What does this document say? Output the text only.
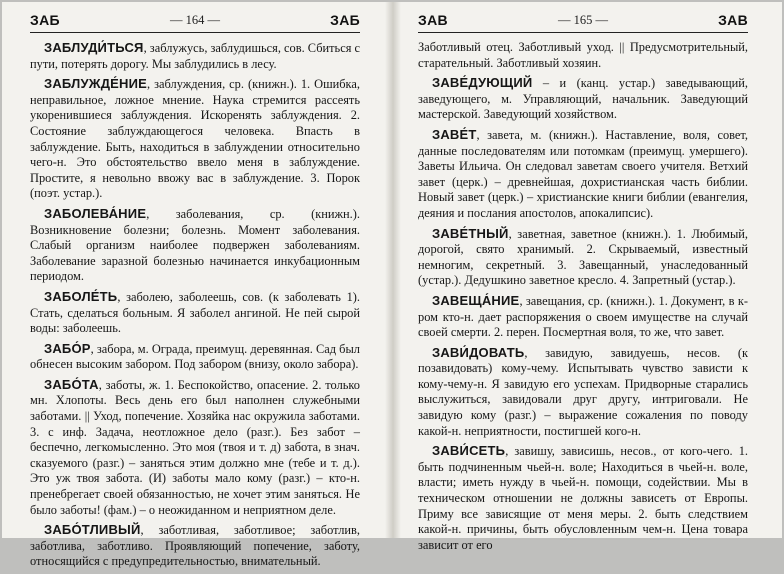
ЗАБ	— 164 —	ЗАБ

ЗАБЛУДИ́ТЬСЯ, заблужусь, заблудишься, сов. Сбиться с пути, потерять дорогу. Мы заблудились в лесу.

ЗАБЛУЖДЕ́НИЕ, заблуждения, ср. (книжн.). 1. Ошибка, неправильное, ложное мнение. Наука стремится рассеять укоренившиеся заблуждения. Искоренять заблуждения. 2. Состояние заблуждающегося человека. Впасть в заблуждение. Быть, находиться в заблуждении относительно чего-н. Это обстоятельство ввело меня в заблуждение. Простите, я невольно ввожу вас в заблуждение. 3. Порок (поэт. устар.).

ЗАБОЛЕВА́НИЕ, заболевания, ср. (книжн.). Возникновение болезни; болезнь. Момент заболевания. Слабый организм наиболее подвержен заболеваниям. Заболевание заразной болезнью начинается инкубационным периодом.

ЗАБОЛЕ́ТЬ, заболею, заболеешь, сов. (к заболевать 1). Стать, сделаться больным. Я заболел ангиной. Не пей сырой воды: заболеешь.

ЗАБО́Р, забора, м. Ограда, преимущ. деревянная. Сад был обнесен высоким забором. Под забором (внизу, около забора).

ЗАБО́ТА, заботы, ж. 1. Беспокойство, опасение. 2. только мн. Хлопоты. Весь день его был наполнен служебными заботами. || Уход, попечение. Хозяйка нас окружила заботами. 3. с инф. Задача, неотложное дело (разг.). Без забот – беспечно, легкомысленно. Это моя (твоя и т. д) забота, в знач. сказуемого (разг.) – заняться этим должно мне (тебе и т. д.). Это уж твоя забота. (И) заботы мало кому (разг.) – кто-н. пренебрегает своей обязанностью, не хочет этим заняться. Не было заботы! (фам.) – о неожиданном и неприятном деле.

ЗАБО́ТЛИВЫЙ, заботливая, заботливое; заботлив, заботлива, заботливо. Проявляющий попечение, заботу, относящийся с предупредительностью, внимательный.

ЗАВ	— 165 —	ЗАВ

Заботливый отец. Заботливый уход. || Предусмотрительный, старательный. Заботливый хозяин.

ЗАВЕ́ДУЮЩИЙ – и (канц. устар.) заведывающий, заведующего, м. Управляющий, начальник. Заведующий мастерской. Заведующий хозяйством.

ЗАВЕ́Т, завета, м. (книжн.). Наставление, воля, совет, данные последователям или потомкам (преимущ. умершего). Заветы Ильича. Он следовал заветам своего учителя. Ветхий завет (церк.) – древнейшая, дохристианская часть библии. Новый завет (церк.) – христианские книги библии (евангелия, деяния и послания апостолов, апокалипсис).

ЗАВЕ́ТНЫЙ, заветная, заветное (книжн.). 1. Любимый, дорогой, свято хранимый. 2. Скрываемый, известный немногим, секретный. 3. Завещанный, унаследованный (устар.). Дедушкино заветное кресло. 4. Запретный (устар.).

ЗАВЕЩА́НИЕ, завещания, ср. (книжн.). 1. Документ, в к-ром кто-н. дает распоряжения о своем имуществе на случай своей смерти. 2. перен. Посмертная воля, то же, что завет.

ЗАВИ́ДОВАТЬ, завидую, завидуешь, несов. (к позавидовать) кому-чему. Испытывать чувство зависти к кому-чему-н. Я завидую его успехам. Придворные старались выслужиться, завидовали друг другу, интриговали. Не завидую кому (разг.) – выражение сожаления по поводу какой-н. неприятности, постигшей кого-н.

ЗАВИ́СЕТЬ, завишу, зависишь, несов., от кого-чего. 1. быть подчиненным чьей-н. воле; Находиться в чьей-н. воле, власти; иметь нужду в чьей-н. помощи, содействии. Мы в техническом отношении не должны зависеть от Европы. Приму все зависящие от меня меры. 2. быть следствием какой-н. причины, быть обусловленным чем-н. Цена товара зависит от его
